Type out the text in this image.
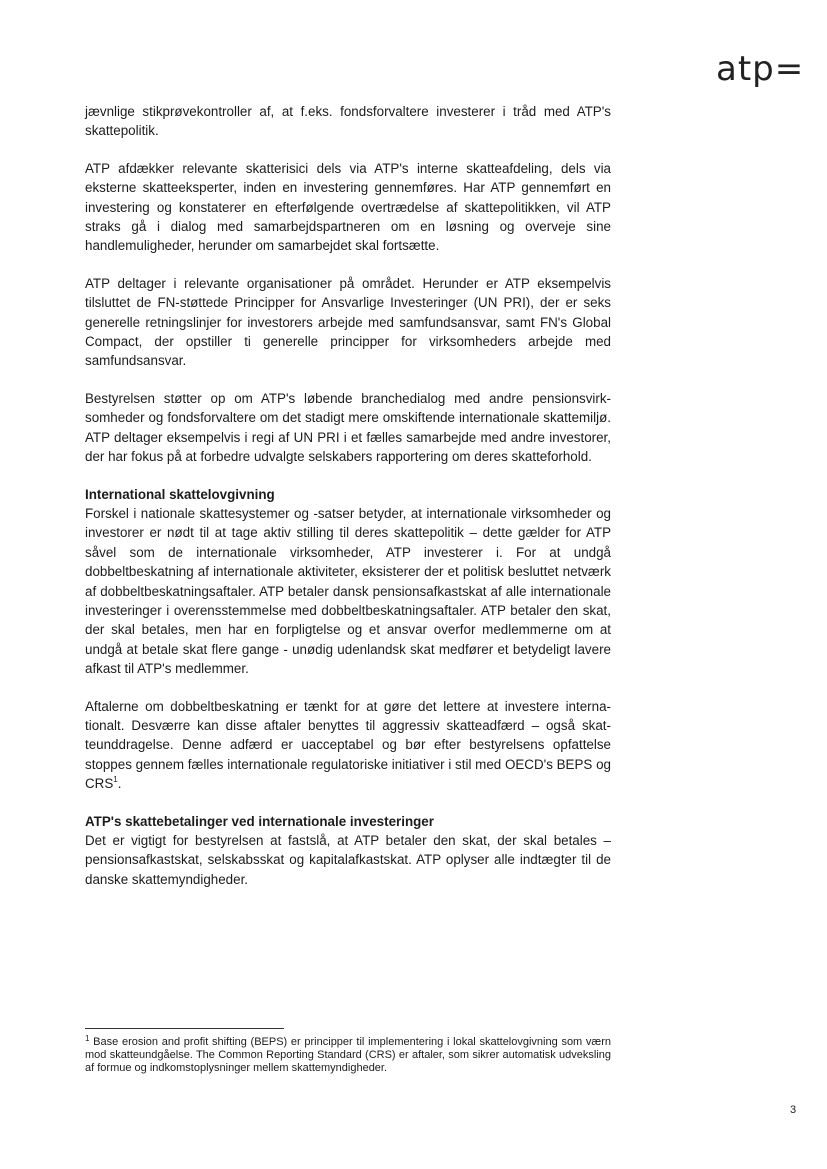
atp=

jævnlige stikprøvekontroller af, at f.eks. fondsforvaltere investerer i tråd med ATP's skattepolitik.

ATP afdækker relevante skatterisici dels via ATP's interne skatteafdeling, dels via eksterne skatteeksperter, inden en investering gennemføres. Har ATP gennemført en investering og konstaterer en efterfølgende overtrædelse af skattepolitikken, vil ATP straks gå i dialog med samarbejdspartneren om en løsning og overveje sine handlemuligheder, herunder om samarbejdet skal fortsætte.

ATP deltager i relevante organisationer på området. Herunder er ATP eksempelvis tilsluttet de FN-støttede Principper for Ansvarlige Investeringer (UN PRI), der er seks generelle retningslinjer for investorers arbejde med samfundsansvar, samt FN's Global Compact, der opstiller ti generelle principper for virksomheders arbejde med samfundsansvar.

Bestyrelsen støtter op om ATP's løbende branchedialog med andre pensionsvirksomheder og fondsforvaltere om det stadigt mere omskiftende internationale skattemiljø. ATP deltager eksempelvis i regi af UN PRI i et fælles samarbejde med andre investorer, der har fokus på at forbedre udvalgte selskabers rapportering om deres skatteforhold.

International skattelovgivning

Forskel i nationale skattesystemer og -satser betyder, at internationale virksomheder og investorer er nødt til at tage aktiv stilling til deres skattepolitik – dette gælder for ATP såvel som de internationale virksomheder, ATP investerer i. For at undgå dobbeltbeskatning af internationale aktiviteter, eksisterer der et politisk besluttet netværk af dobbeltbeskatningsaftaler. ATP betaler dansk pensionsafkastskat af alle internationale investeringer i overensstemmelse med dobbeltbeskatningsaftaler. ATP betaler den skat, der skal betales, men har en forpligtelse og et ansvar overfor medlemmerne om at undgå at betale skat flere gange - unødig udenlandsk skat medfører et betydeligt lavere afkast til ATP's medlemmer.

Aftalerne om dobbeltbeskatning er tænkt for at gøre det lettere at investere internationalt. Desværre kan disse aftaler benyttes til aggressiv skatteadfærd – også skatteunddragelse. Denne adfærd er uacceptabel og bør efter bestyrelsens opfattelse stoppes gennem fælles internationale regulatoriske initiativer i stil med OECD's BEPS og CRS$^1$.

ATP's skattebetalinger ved internationale investeringer

Det er vigtigt for bestyrelsen at fastslå, at ATP betaler den skat, der skal betales – pensionsafkastskat, selskabsskat og kapitalafkastskat. ATP oplyser alle indtægter til de danske skattemyndigheder.

$^1$ Base erosion and profit shifting (BEPS) er principper til implementering i lokal skattelovgivning som værn mod skatteundgåelse. The Common Reporting Standard (CRS) er aftaler, som sikrer automatisk udveksling af formue og indkomstoplysninger mellem skattemyndigheder.
3
